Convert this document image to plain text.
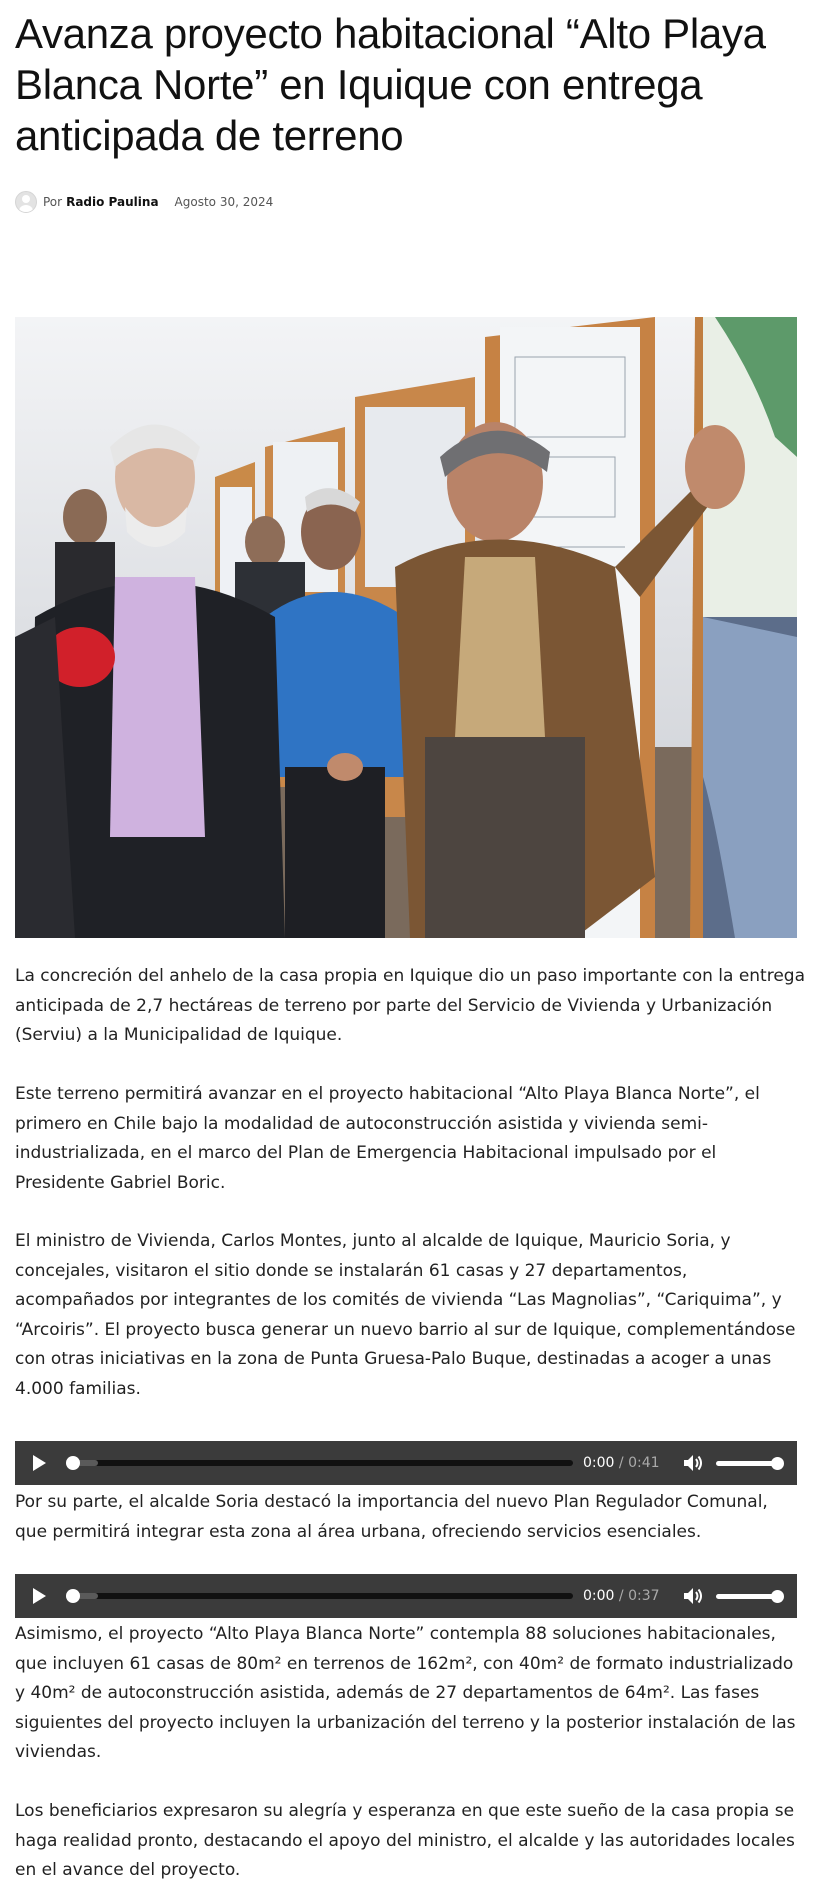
Avanza proyecto habitacional “Alto Playa Blanca Norte” en Iquique con entrega anticipada de terreno
Por Radio Paulina Agosto 30, 2024

La concreción del anhelo de la casa propia en Iquique dio un paso importante con la entrega anticipada de 2,7 hectáreas de terreno por parte del Servicio de Vivienda y Urbanización (Serviu) a la Municipalidad de Iquique.

Este terreno permitirá avanzar en el proyecto habitacional “Alto Playa Blanca Norte”, el primero en Chile bajo la modalidad de autoconstrucción asistida y vivienda semi-industrializada, en el marco del Plan de Emergencia Habitacional impulsado por el Presidente Gabriel Boric.

El ministro de Vivienda, Carlos Montes, junto al alcalde de Iquique, Mauricio Soria, y concejales, visitaron el sitio donde se instalarán 61 casas y 27 departamentos, acompañados por integrantes de los comités de vivienda “Las Magnolias”, “Cariquima”, y “Arcoiris”. El proyecto busca generar un nuevo barrio al sur de Iquique, complementándose con otras iniciativas en la zona de Punta Gruesa-Palo Buque, destinadas a acoger a unas 4.000 familias.

0:00 / 0:41

Por su parte, el alcalde Soria destacó la importancia del nuevo Plan Regulador Comunal, que permitirá integrar esta zona al área urbana, ofreciendo servicios esenciales.

0:00 / 0:37

Asimismo, el proyecto “Alto Playa Blanca Norte” contempla 88 soluciones habitacionales, que incluyen 61 casas de 80m² en terrenos de 162m², con 40m² de formato industrializado y 40m² de autoconstrucción asistida, además de 27 departamentos de 64m². Las fases siguientes del proyecto incluyen la urbanización del terreno y la posterior instalación de las viviendas.

Los beneficiarios expresaron su alegría y esperanza en que este sueño de la casa propia se haga realidad pronto, destacando el apoyo del ministro, el alcalde y las autoridades locales en el avance del proyecto.
